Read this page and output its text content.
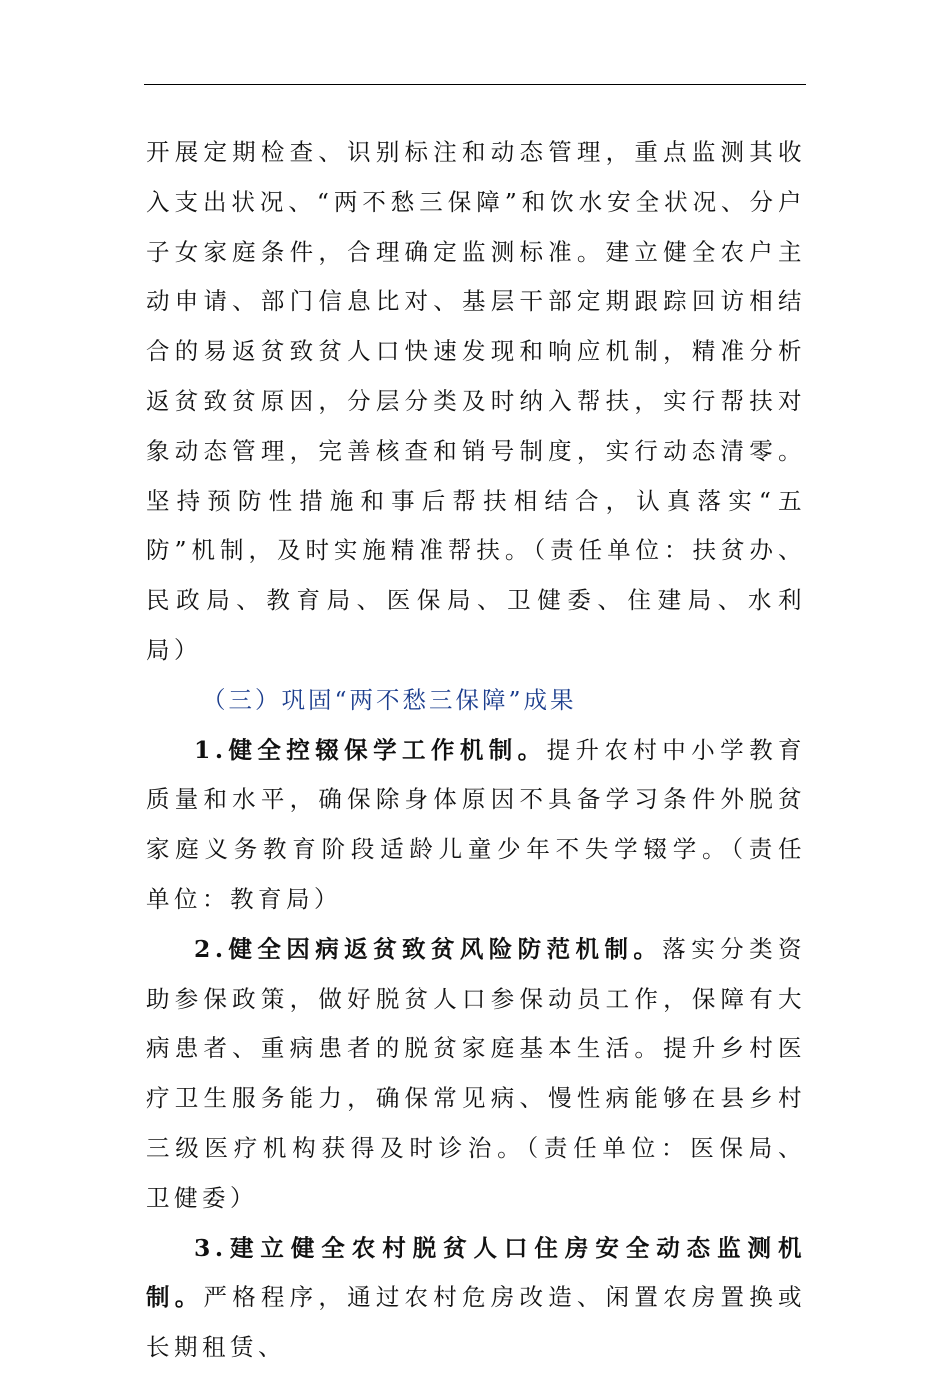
开展定期检查、识别标注和动态管理，重点监测其收入支出状况、“两不愁三保障”和饮水安全状况、分户子女家庭条件，合理确定监测标准。建立健全农户主动申请、部门信息比对、基层干部定期跟踪回访相结合的易返贫致贫人口快速发现和响应机制，精准分析返贫致贫原因，分层分类及时纳入帮扶，实行帮扶对象动态管理，完善核查和销号制度，实行动态清零。坚持预防性措施和事后帮扶相结合，认真落实“五防”机制，及时实施精准帮扶。（责任单位：扶贫办、民政局、教育局、医保局、卫健委、住建局、水利局）

（三）巩固“两不愁三保障”成果

1.健全控辍保学工作机制。提升农村中小学教育质量和水平，确保除身体原因不具备学习条件外脱贫家庭义务教育阶段适龄儿童少年不失学辍学。（责任单位：教育局）

2.健全因病返贫致贫风险防范机制。落实分类资助参保政策，做好脱贫人口参保动员工作，保障有大病患者、重病患者的脱贫家庭基本生活。提升乡村医疗卫生服务能力，确保常见病、慢性病能够在县乡村三级医疗机构获得及时诊治。（责任单位：医保局、卫健委）

3.建立健全农村脱贫人口住房安全动态监测机制。严格程序，通过农村危房改造、闲置农房置换或长期租赁、
